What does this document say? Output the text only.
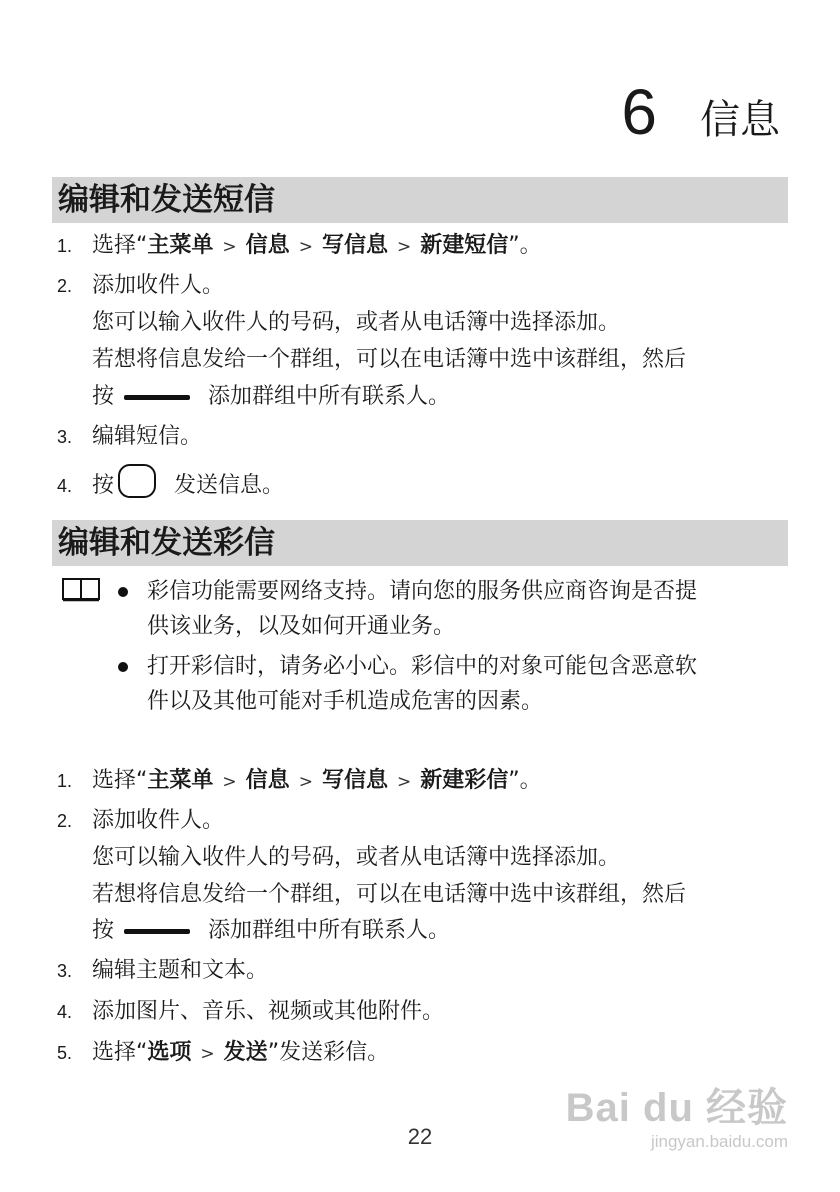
6 信息
编辑和发送短信
1. 选择“主菜单 > 信息 > 写信息 > 新建短信”。
2. 添加收件人。
您可以输入收件人的号码，或者从电话簿中选择添加。
若想将信息发给一个群组，可以在电话簿中选中该群组，然后
按	添加群组中所有联系人。
3. 编辑短信。
4. 按	发送信息。
编辑和发送彩信
彩信功能需要网络支持。请向您的服务供应商咨询是否提
供该业务，以及如何开通业务。
打开彩信时，请务必小心。彩信中的对象可能包含恶意软
件以及其他可能对手机造成危害的因素。
1. 选择“主菜单 > 信息 > 写信息 > 新建彩信”。
2. 添加收件人。
您可以输入收件人的号码，或者从电话簿中选择添加。
若想将信息发给一个群组，可以在电话簿中选中该群组，然后
按	添加群组中所有联系人。
3. 编辑主题和文本。
4. 添加图片、音乐、视频或其他附件。
5. 选择“选项 > 发送”发送彩信。
22
Bai du 经验
jingyan.baidu.com
